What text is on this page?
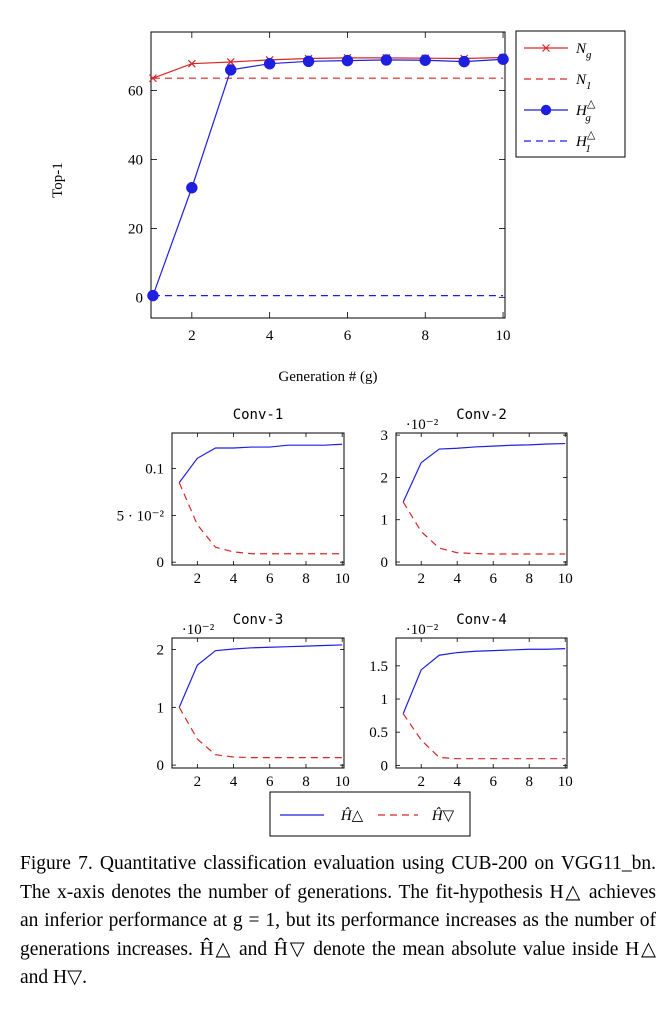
2	4	6	8	10
0
20
40
60
Generation # (g)
Top-1
$N_g$
$N_1$
H△ g
H△ 1
2 4 6 8 10
0
5 · 10⁻²
0.1
Conv-1
2 4 6 8 10
0
1
2
3
Conv-2
·10⁻²
2 4 6 8 10
0
1
2
Conv-3
·10⁻²
2 4 6 8 10
0
0.5
1
1.5
Conv-4
·10⁻²
Ĥ△	Ĥ▽
Figure 7. Quantitative classification evaluation using CUB-200 on VGG11_bn. The x-axis denotes the number of generations. The fit-hypothesis H△ achieves an inferior performance at g = 1, but its performance increases as the number of generations increases. Ĥ△ and Ĥ▽ denote the mean absolute value inside H△ and H▽.
